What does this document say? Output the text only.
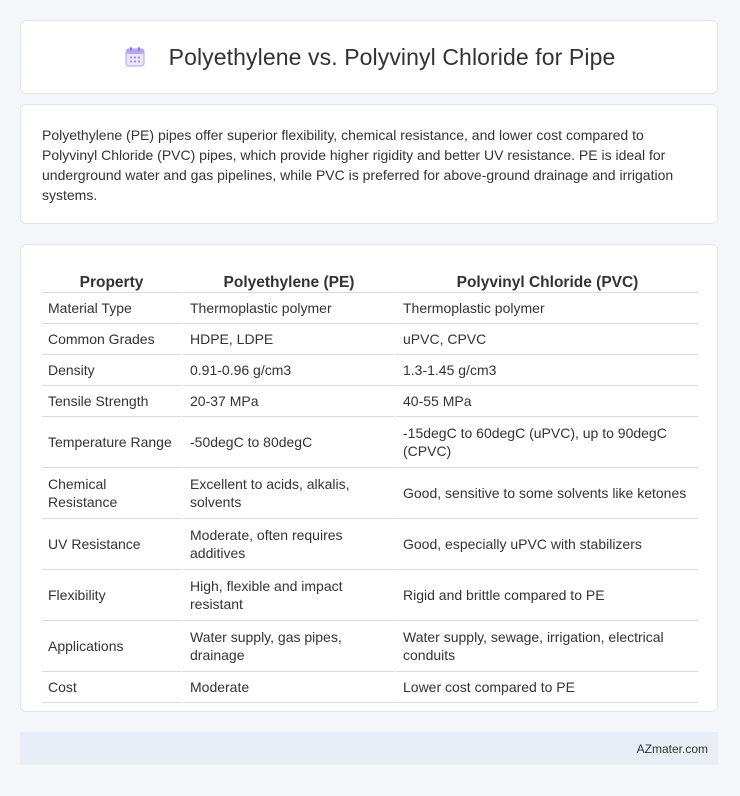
Polyethylene vs. Polyvinyl Chloride for Pipe

Polyethylene (PE) pipes offer superior flexibility, chemical resistance, and lower cost compared to Polyvinyl Chloride (PVC) pipes, which provide higher rigidity and better UV resistance. PE is ideal for underground water and gas pipelines, while PVC is preferred for above-ground drainage and irrigation systems.

Property	Polyethylene (PE)	Polyvinyl Chloride (PVC)
Material Type	Thermoplastic polymer	Thermoplastic polymer
Common Grades	HDPE, LDPE	uPVC, CPVC
Density	0.91-0.96 g/cm3	1.3-1.45 g/cm3
Tensile Strength	20-37 MPa	40-55 MPa
Temperature Range	-50degC to 80degC	-15degC to 60degC (uPVC), up to 90degC (CPVC)
Chemical Resistance	Excellent to acids, alkalis, solvents	Good, sensitive to some solvents like ketones
UV Resistance	Moderate, often requires additives	Good, especially uPVC with stabilizers
Flexibility	High, flexible and impact resistant	Rigid and brittle compared to PE
Applications	Water supply, gas pipes, drainage	Water supply, sewage, irrigation, electrical conduits
Cost	Moderate	Lower cost compared to PE
AZmater.com
